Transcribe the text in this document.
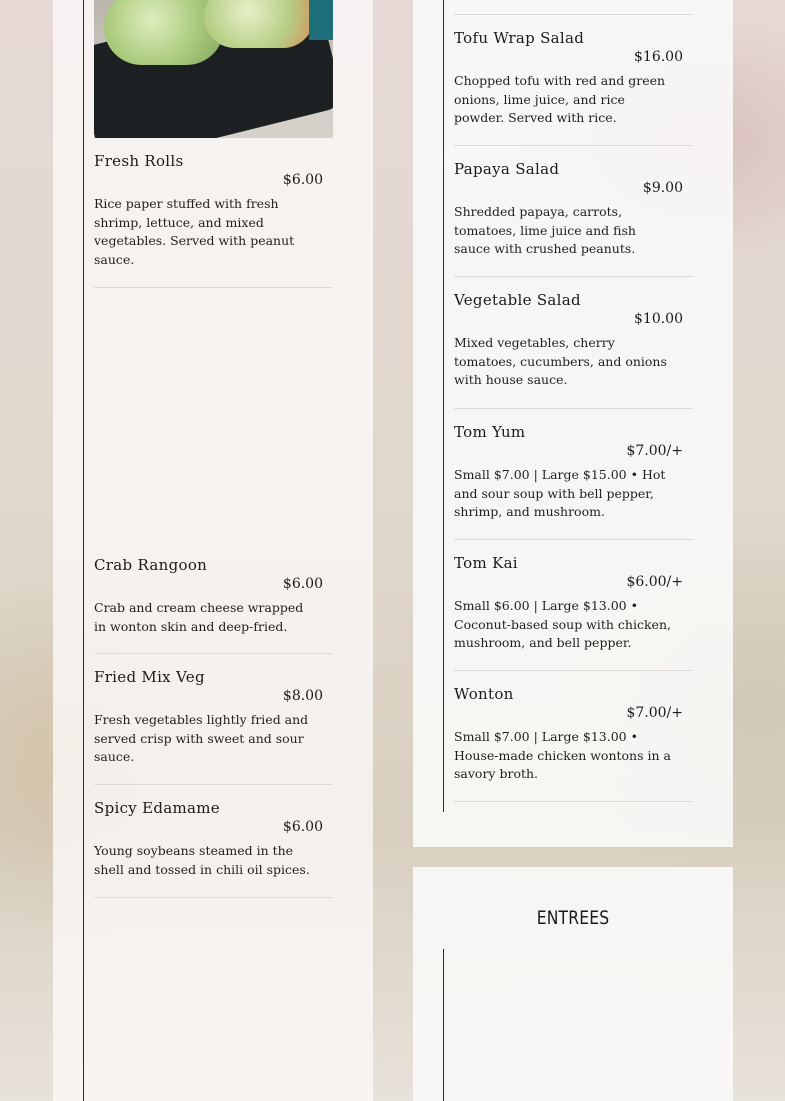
Fresh Rolls
$6.00
Rice paper stuffed with fresh shrimp, lettuce, and mixed vegetables. Served with peanut sauce.
Crab Rangoon
$6.00
Crab and cream cheese wrapped in wonton skin and deep-fried.
Fried Mix Veg
$8.00
Fresh vegetables lightly fried and served crisp with sweet and sour sauce.
Spicy Edamame
$6.00
Young soybeans steamed in the shell and tossed in chili oil spices.
Tofu Wrap Salad
$16.00
Chopped tofu with red and green onions, lime juice, and rice powder. Served with rice.
Papaya Salad
$9.00
Shredded papaya, carrots, tomatoes, lime juice and fish sauce with crushed peanuts.
Vegetable Salad
$10.00
Mixed vegetables, cherry tomatoes, cucumbers, and onions with house sauce.
Tom Yum
$7.00/+
Small $7.00 | Large $15.00 • Hot and sour soup with bell pepper, shrimp, and mushroom.
Tom Kai
$6.00/+
Small $6.00 | Large $13.00 • Coconut-based soup with chicken, mushroom, and bell pepper.
Wonton
$7.00/+
Small $7.00 | Large $13.00 • House-made chicken wontons in a savory broth.
ENTREES
